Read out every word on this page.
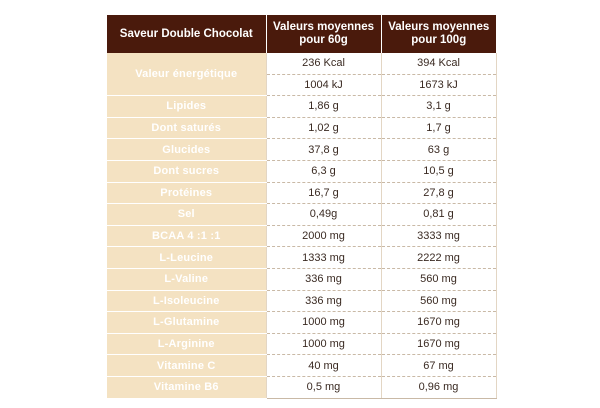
Saveur Double Chocolat	Valeurs moyennes pour 60g	Valeurs moyennes pour 100g
Valeur énergétique	236 Kcal	394 Kcal
	1004 kJ	1673 kJ
Lipides	1,86 g	3,1 g
Dont saturés	1,02 g	1,7 g
Glucides	37,8 g	63 g
Dont sucres	6,3 g	10,5 g
Protéines	16,7 g	27,8 g
Sel	0,49g	0,81 g
BCAA 4 :1 :1	2000 mg	3333 mg
L-Leucine	1333 mg	2222 mg
L-Valine	336 mg	560 mg
L-Isoleucine	336 mg	560 mg
L-Glutamine	1000 mg	1670 mg
L-Arginine	1000 mg	1670 mg
Vitamine C	40 mg	67 mg
Vitamine B6	0,5 mg	0,96 mg
